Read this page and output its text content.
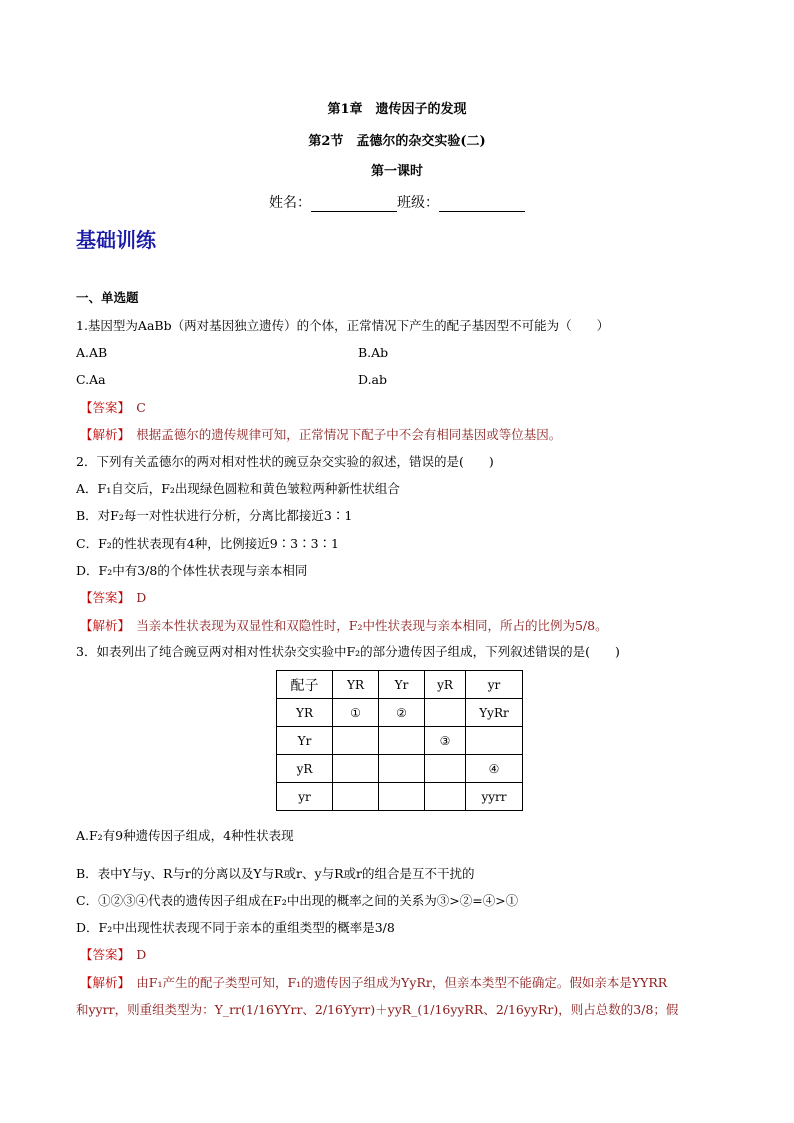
第1章　遗传因子的发现
第2节　孟德尔的杂交实验(二)
第一课时
姓名：	班级：
基础训练
一、单选题
1.基因型为AaBb（两对基因独立遗传）的个体，正常情况下产生的配子基因型不可能为（　　）
A.AB	B.Ab
C.Aa	D.ab
【答案】　 C
【解析】　 根据孟德尔的遗传规律可知，正常情况下配子中不会有相同基因或等位基因。
2．下列有关孟德尔的两对相对性状的豌豆杂交实验的叙述，错误的是(　　)
A．F₁自交后，F₂出现绿色圆粒和黄色皱粒两种新性状组合
B．对F₂每一对性状进行分析，分离比都接近3∶1
C．F₂的性状表现有4种，比例接近9∶3∶3∶1
D．F₂中有3/8的个体性状表现与亲本相同
【答案】　 D
【解析】　 当亲本性状表现为双显性和双隐性时，F₂中性状表现与亲本相同，所占的比例为5/8。
3．如表列出了纯合豌豆两对相对性状杂交实验中F₂的部分遗传因子组成，下列叙述错误的是(　　)
配子	YR	Yr	yR	yr
YR	①	②		YyRr
Yr			③	
yR				④
yr				yyrr
A.F₂有9种遗传因子组成，4种性状表现
B．表中Y与y、R与r的分离以及Y与R或r、y与R或r的组合是互不干扰的
C．①②③④代表的遗传因子组成在F₂中出现的概率之间的关系为③>②=④>①
D．F₂中出现性状表现不同于亲本的重组类型的概率是3/8
【答案】　 D
【解析】　 由F₁产生的配子类型可知，F₁的遗传因子组成为YyRr，但亲本类型不能确定。假如亲本是YYRR
和yyrr，则重组类型为：Y_rr(1/16YYrr、2/16Yyrr)＋yyR_(1/16yyRR、2/16yyRr)，则占总数的3/8；假
